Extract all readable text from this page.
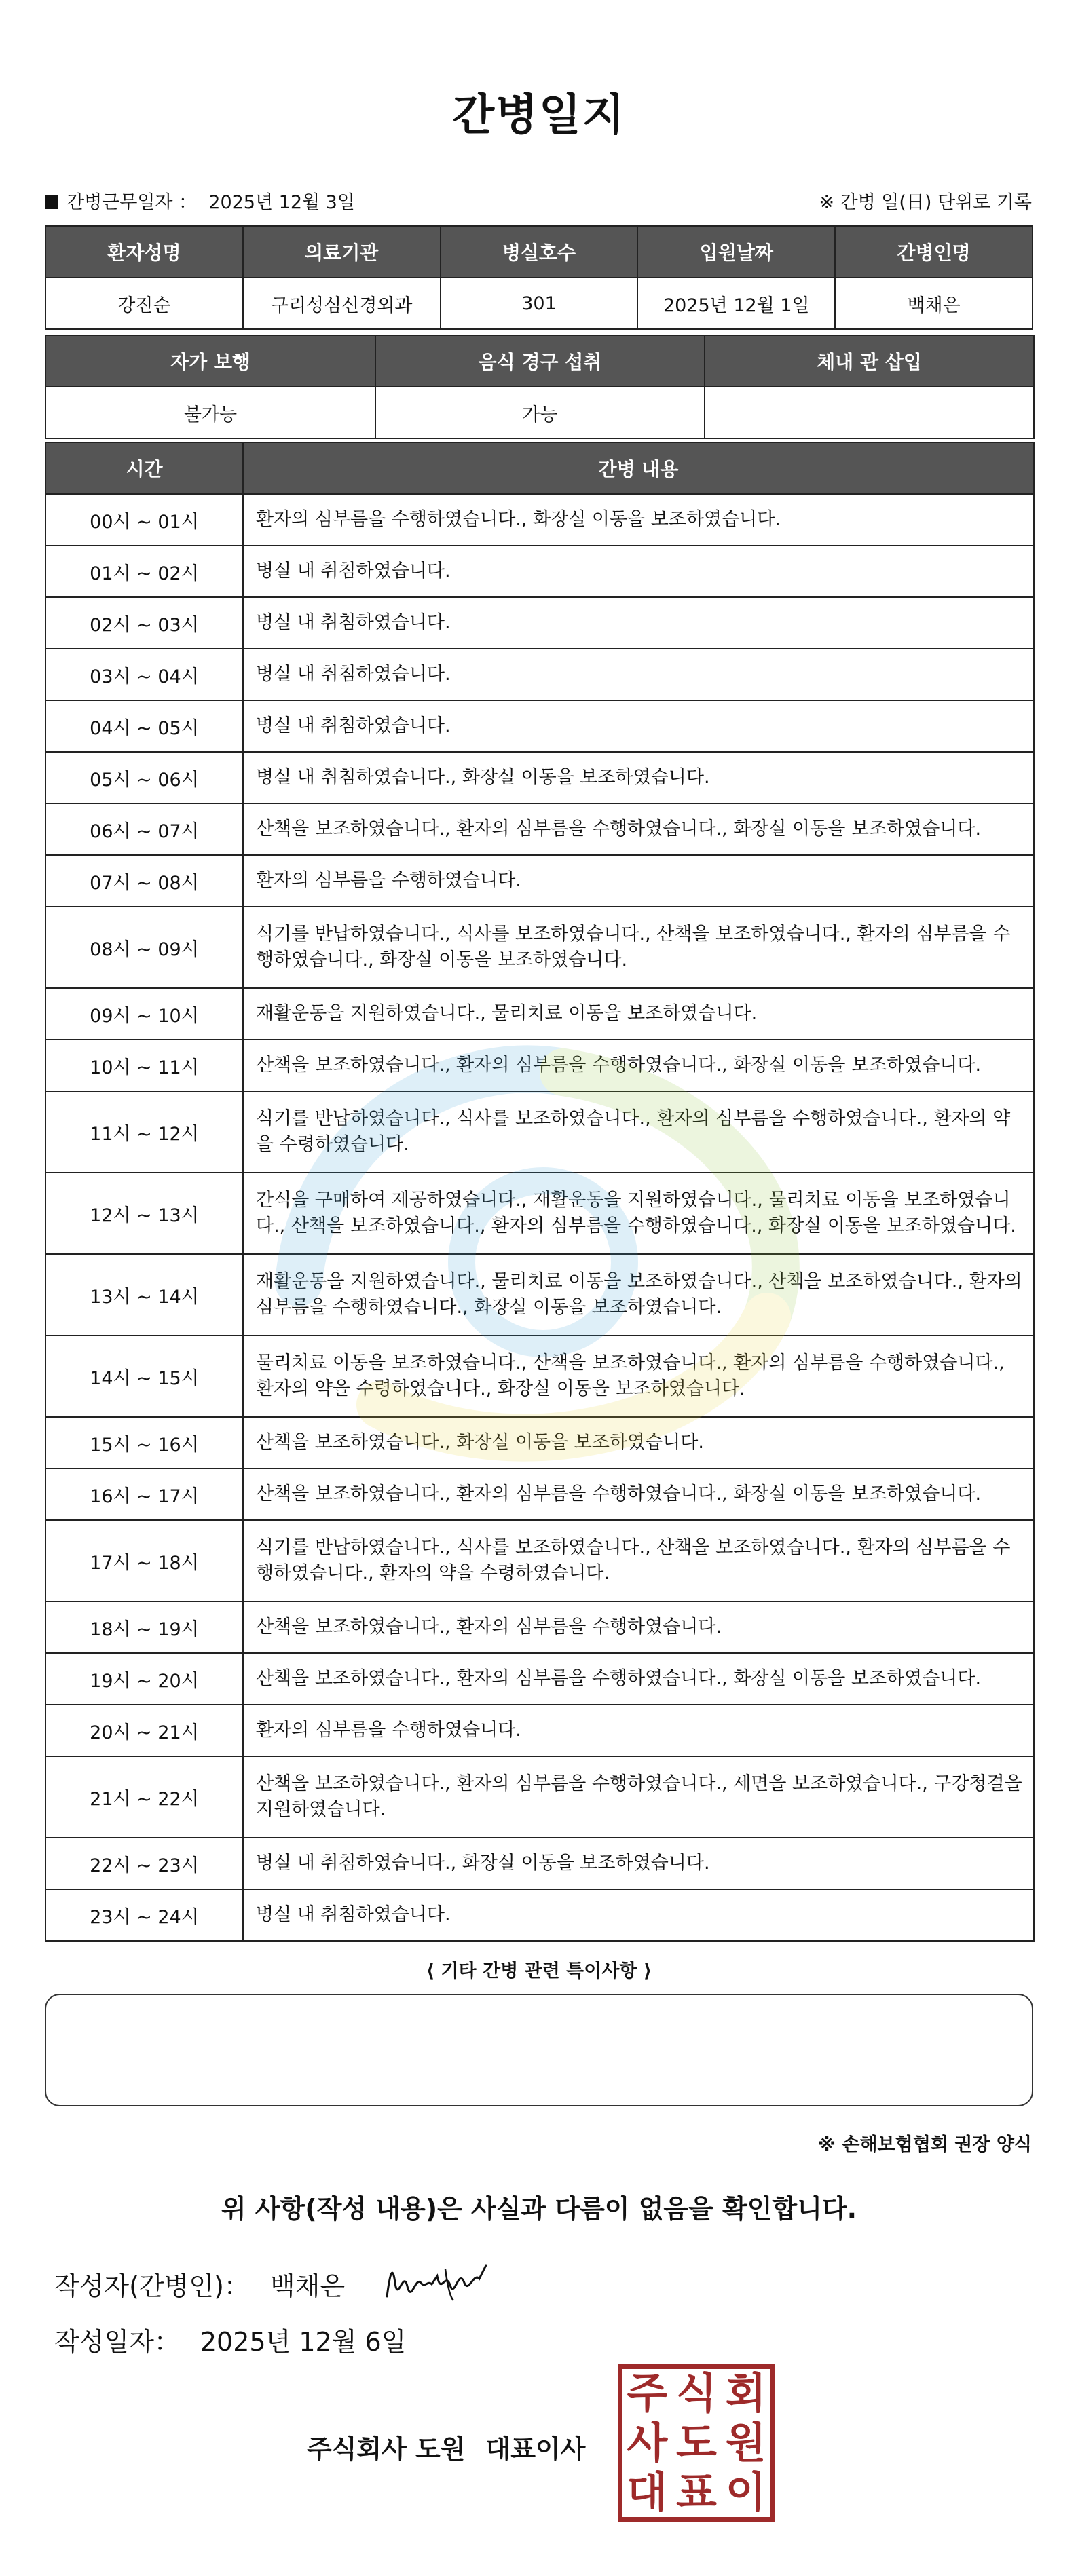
간병일지
간병근무일자 ： 2025년 12월 3일	※ 간병 일(日) 단위로 기록
환자성명	의료기관	병실호수	입원날짜	간병인명
강진순	구리성심신경외과	301	2025년 12월 1일	백채은
자가 보행	음식 경구 섭취	체내 관 삽입
불가능	가능	
시간	간병 내용
00시 ~ 01시	환자의 심부름을 수행하였습니다., 화장실 이동을 보조하였습니다.
01시 ~ 02시	병실 내 취침하였습니다.
02시 ~ 03시	병실 내 취침하였습니다.
03시 ~ 04시	병실 내 취침하였습니다.
04시 ~ 05시	병실 내 취침하였습니다.
05시 ~ 06시	병실 내 취침하였습니다., 화장실 이동을 보조하였습니다.
06시 ~ 07시	산책을 보조하였습니다., 환자의 심부름을 수행하였습니다., 화장실 이동을 보조하였습니다.
07시 ~ 08시	환자의 심부름을 수행하였습니다.
08시 ~ 09시	식기를 반납하였습니다., 식사를 보조하였습니다., 산책을 보조하였습니다., 환자의 심부름을 수행하였습니다., 화장실 이동을 보조하였습니다.
09시 ~ 10시	재활운동을 지원하였습니다., 물리치료 이동을 보조하였습니다.
10시 ~ 11시	산책을 보조하였습니다., 환자의 심부름을 수행하였습니다., 화장실 이동을 보조하였습니다.
11시 ~ 12시	식기를 반납하였습니다., 식사를 보조하였습니다., 환자의 심부름을 수행하였습니다., 환자의 약을 수령하였습니다.
12시 ~ 13시	간식을 구매하여 제공하였습니다., 재활운동을 지원하였습니다., 물리치료 이동을 보조하였습니다., 산책을 보조하였습니다., 환자의 심부름을 수행하였습니다., 화장실 이동을 보조하였습니다.
13시 ~ 14시	재활운동을 지원하였습니다., 물리치료 이동을 보조하였습니다., 산책을 보조하였습니다., 환자의 심부름을 수행하였습니다., 화장실 이동을 보조하였습니다.
14시 ~ 15시	물리치료 이동을 보조하였습니다., 산책을 보조하였습니다., 환자의 심부름을 수행하였습니다., 환자의 약을 수령하였습니다., 화장실 이동을 보조하였습니다.
15시 ~ 16시	산책을 보조하였습니다., 화장실 이동을 보조하였습니다.
16시 ~ 17시	산책을 보조하였습니다., 환자의 심부름을 수행하였습니다., 화장실 이동을 보조하였습니다.
17시 ~ 18시	식기를 반납하였습니다., 식사를 보조하였습니다., 산책을 보조하였습니다., 환자의 심부름을 수행하였습니다., 환자의 약을 수령하였습니다.
18시 ~ 19시	산책을 보조하였습니다., 환자의 심부름을 수행하였습니다.
19시 ~ 20시	산책을 보조하였습니다., 환자의 심부름을 수행하였습니다., 화장실 이동을 보조하였습니다.
20시 ~ 21시	환자의 심부름을 수행하였습니다.
21시 ~ 22시	산책을 보조하였습니다., 환자의 심부름을 수행하였습니다., 세면을 보조하였습니다., 구강청결을 지원하였습니다.
22시 ~ 23시	병실 내 취침하였습니다., 화장실 이동을 보조하였습니다.
23시 ~ 24시	병실 내 취침하였습니다.
⟨ 기타 간병 관련 특이사항 ⟩
※ 손해보험협회 권장 양식
위 사항(작성 내용)은 사실과 다름이 없음을 확인합니다.
작성자(간병인)： 백채은
작성일자： 2025년 12월 6일
주식회사 도원 대표이사
주 식 회
사 도 원
대 표 이
